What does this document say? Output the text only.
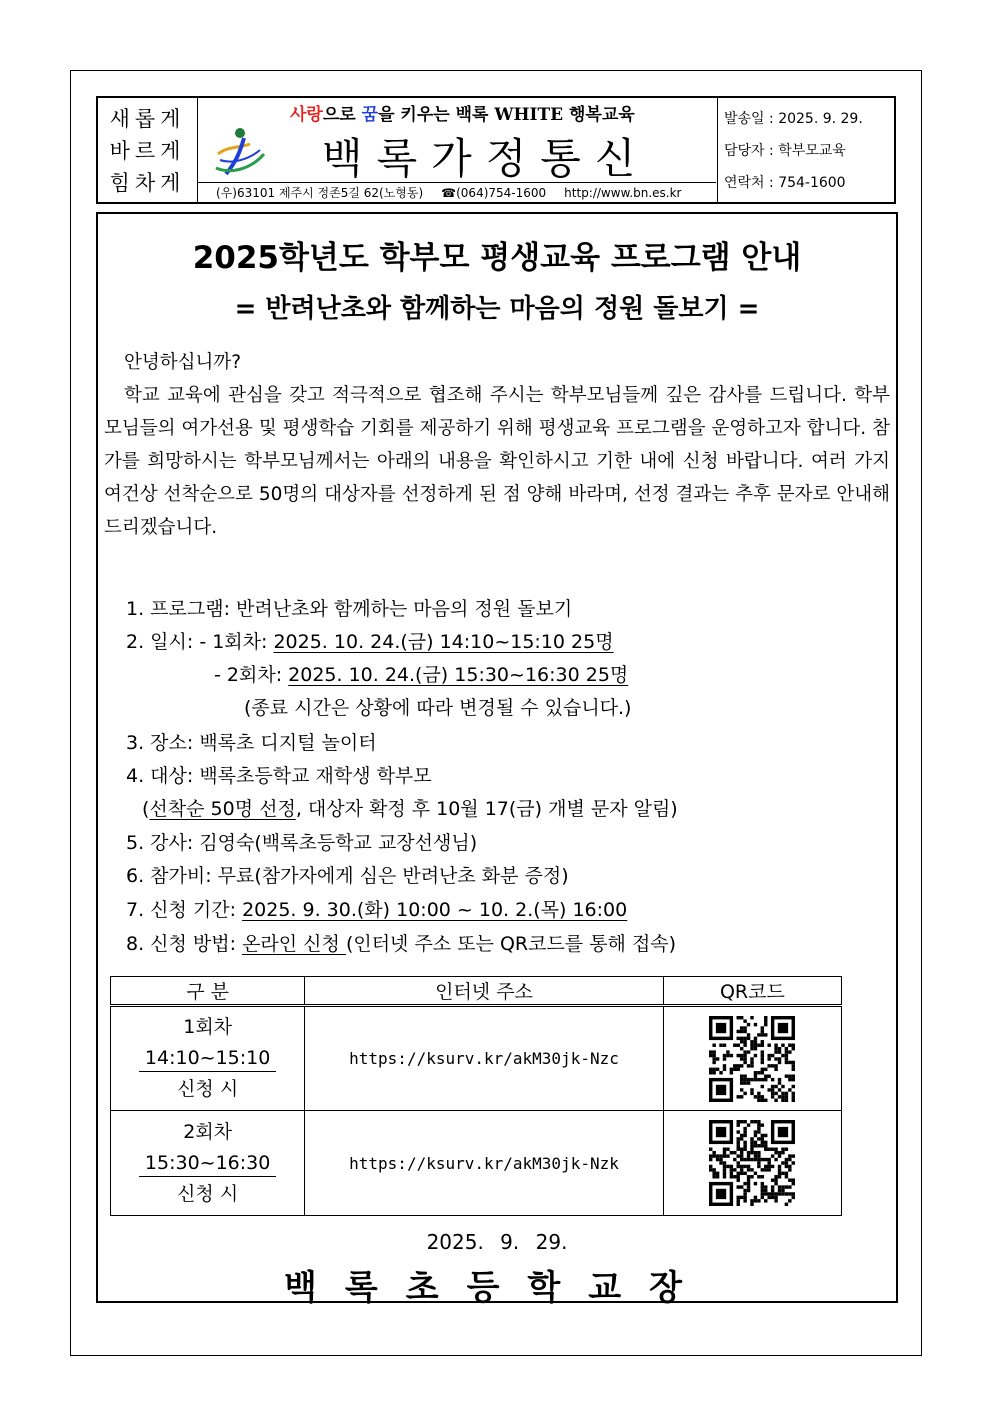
새롭게
바르게
힘차게
사랑으로 꿈을 키우는 백록 WHITE 행복교육
백록가정통신
(우)63101 제주시 정존5길 62(노형동) ☎(064)754-1600 http://www.bn.es.kr
발송일 : 2025. 9. 29.
담당자 : 학부모교육
연락처 : 754-1600
2025학년도 학부모 평생교육 프로그램 안내
= 반려난초와 함께하는 마음의 정원 돌보기 =
안녕하십니까?
학교 교육에 관심을 갖고 적극적으로 협조해 주시는 학부모님들께 깊은 감사를 드립니다. 학부모님들의 여가선용 및 평생학습 기회를 제공하기 위해 평생교육 프로그램을 운영하고자 합니다. 참가를 희망하시는 학부모님께서는 아래의 내용을 확인하시고 기한 내에 신청 바랍니다. 여러 가지 여건상 선착순으로 50명의 대상자를 선정하게 된 점 양해 바라며, 선정 결과는 추후 문자로 안내해 드리겠습니다.
1. 프로그램: 반려난초와 함께하는 마음의 정원 돌보기
2. 일시: - 1회차: 2025. 10. 24.(금) 14:10~15:10 25명
- 2회차: 2025. 10. 24.(금) 15:30~16:30 25명
(종료 시간은 상황에 따라 변경될 수 있습니다.)
3. 장소: 백록초 디지털 놀이터
4. 대상: 백록초등학교 재학생 학부모
(선착순 50명 선정, 대상자 확정 후 10월 17(금) 개별 문자 알림)
5. 강사: 김영숙(백록초등학교 교장선생님)
6. 참가비: 무료(참가자에게 심은 반려난초 화분 증정)
7. 신청 기간: 2025. 9. 30.(화) 10:00 ~ 10. 2.(목) 16:00
8. 신청 방법: 온라인 신청 (인터넷 주소 또는 QR코드를 통해 접속)
구 분	인터넷 주소	QR코드

1회차
14:10~15:10
신청 시	https://ksurv.kr/akM30jk-Nzc	

2회차
15:30~16:30
신청 시	https://ksurv.kr/akM30jk-Nzk	
2025. 9. 29.
백록초등학교장
